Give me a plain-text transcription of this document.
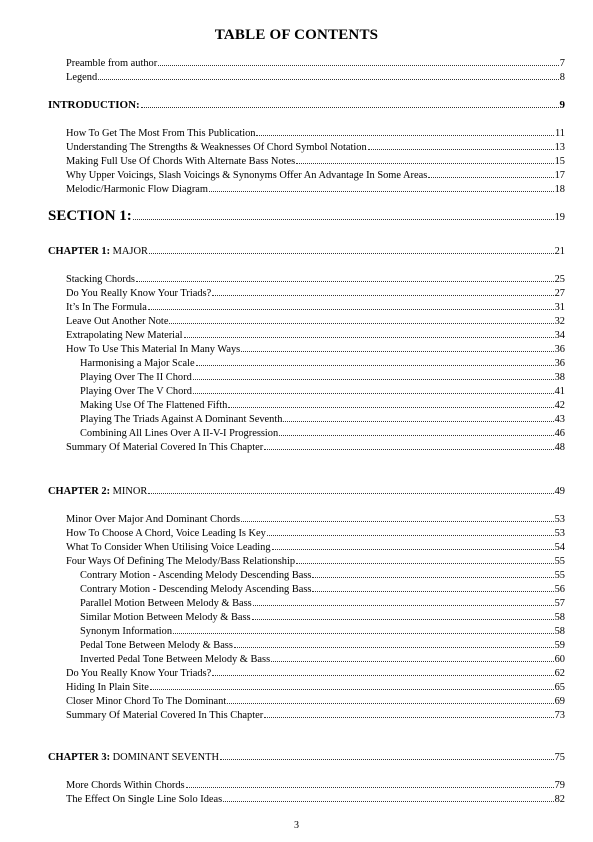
TABLE OF CONTENTS
Preamble from author	7
Legend	8
INTRODUCTION:	9
How To Get The Most From This Publication	11
Understanding The Strengths & Weaknesses Of Chord Symbol Notation	13
Making Full Use Of Chords With Alternate Bass Notes	15
Why Upper Voicings, Slash Voicings & Synonyms Offer An Advantage In Some Areas	17
Melodic/Harmonic Flow Diagram	18
SECTION 1:	19
CHAPTER 1: MAJOR	21
Stacking Chords	25
Do You Really Know Your Triads?	27
It’s In The Formula	31
Leave Out Another Note	32
Extrapolating New Material	34
How To Use This Material In Many Ways	36
Harmonising a Major Scale	36
Playing Over The II Chord	38
Playing Over The V Chord	41
Making Use Of The Flattened Fifth	42
Playing The Triads Against A Dominant Seventh	43
Combining All Lines Over A II-V-I Progression	46
Summary Of Material Covered In This Chapter	48
CHAPTER 2: MINOR	49
Minor Over Major And Dominant Chords	53
How To Choose A Chord, Voice Leading Is Key	53
What To Consider When Utilising Voice Leading	54
Four Ways Of Defining The Melody/Bass Relationship	55
Contrary Motion - Ascending Melody Descending Bass	55
Contrary Motion - Descending Melody Ascending Bass	56
Parallel Motion Between Melody & Bass	57
Similar Motion Between Melody & Bass	58
Synonym Information	58
Pedal Tone Between Melody & Bass	59
Inverted Pedal Tone Between Melody & Bass	60
Do You Really Know Your Triads?	62
Hiding In Plain Site	65
Closer Minor Chord To The Dominant	69
Summary Of Material Covered In This Chapter	73
CHAPTER 3: DOMINANT SEVENTH	75
More Chords Within Chords	79
The Effect On Single Line Solo Ideas	82
3
